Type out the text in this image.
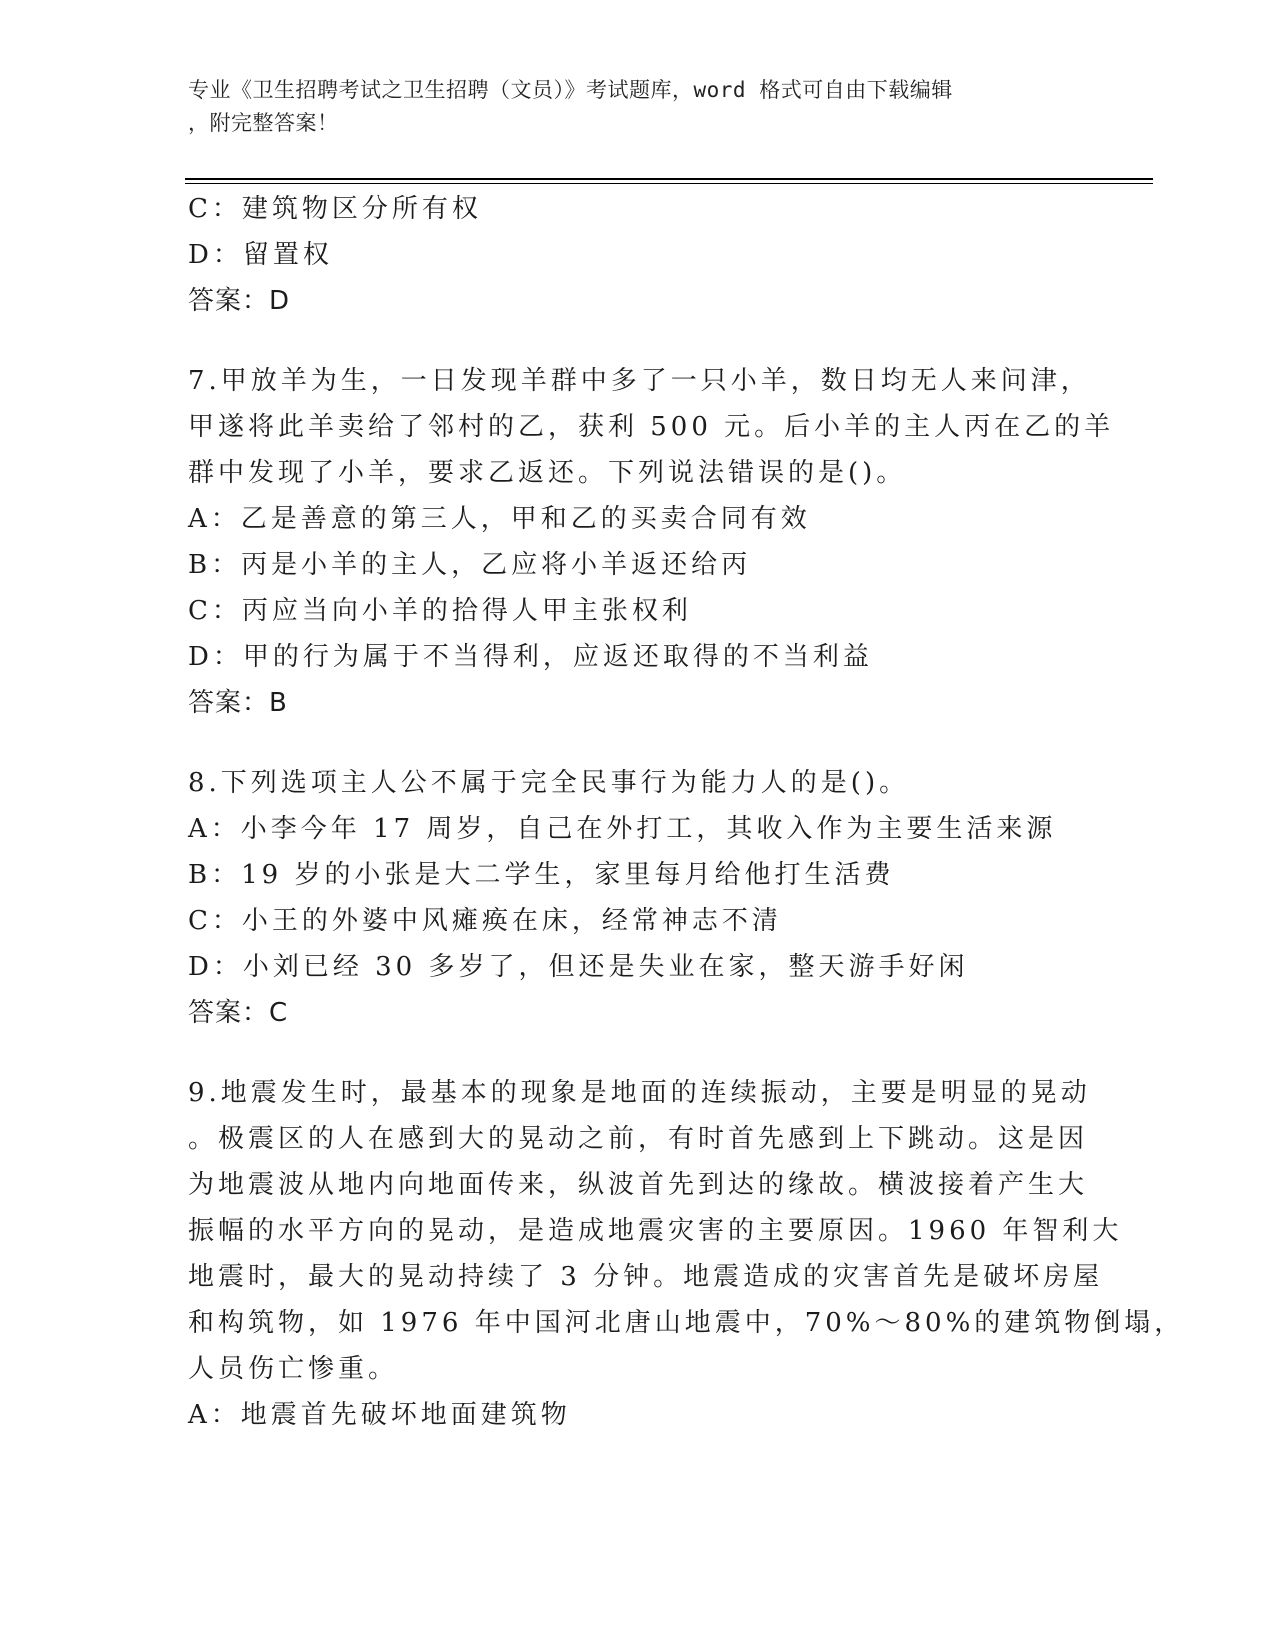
专业《卫生招聘考试之卫生招聘（文员）》考试题库，word 格式可自由下载编辑
，附完整答案！
C：建筑物区分所有权
D：留置权
答案：D
7.甲放羊为生，一日发现羊群中多了一只小羊，数日均无人来问津，
甲遂将此羊卖给了邻村的乙，获利 500 元。后小羊的主人丙在乙的羊
群中发现了小羊，要求乙返还。下列说法错误的是()。
A：乙是善意的第三人，甲和乙的买卖合同有效
B：丙是小羊的主人，乙应将小羊返还给丙
C：丙应当向小羊的拾得人甲主张权利
D：甲的行为属于不当得利，应返还取得的不当利益
答案：B
8.下列选项主人公不属于完全民事行为能力人的是()。
A：小李今年 17 周岁，自己在外打工，其收入作为主要生活来源
B：19 岁的小张是大二学生，家里每月给他打生活费
C：小王的外婆中风瘫痪在床，经常神志不清
D：小刘已经 30 多岁了，但还是失业在家，整天游手好闲
答案：C
9.地震发生时，最基本的现象是地面的连续振动，主要是明显的晃动
。极震区的人在感到大的晃动之前，有时首先感到上下跳动。这是因
为地震波从地内向地面传来，纵波首先到达的缘故。横波接着产生大
振幅的水平方向的晃动，是造成地震灾害的主要原因。1960 年智利大
地震时，最大的晃动持续了 3 分钟。地震造成的灾害首先是破坏房屋
和构筑物，如 1976 年中国河北唐山地震中，70%～80%的建筑物倒塌，
人员伤亡惨重。
A：地震首先破坏地面建筑物
